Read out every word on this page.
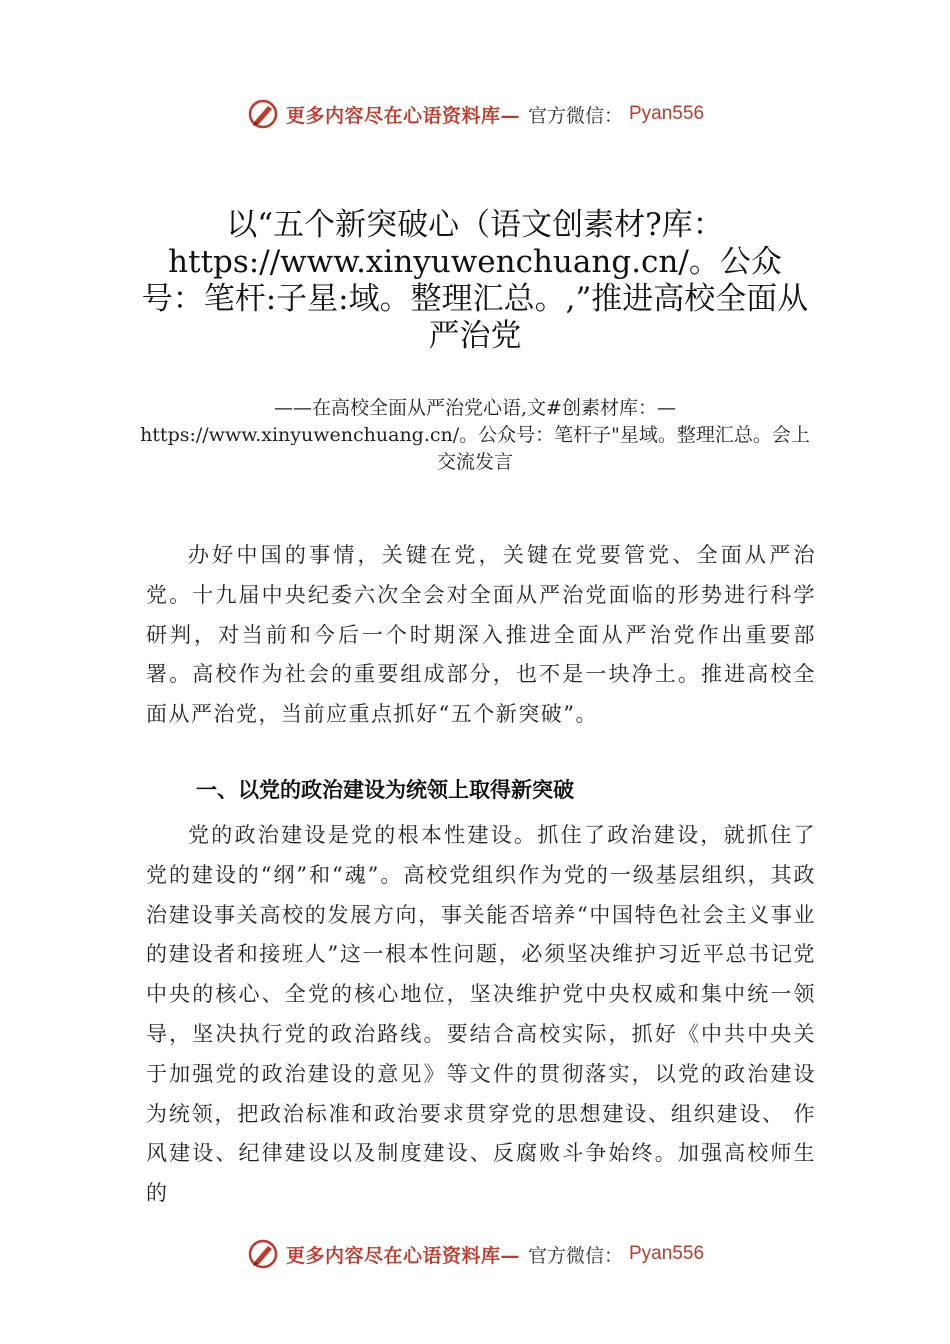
更多内容尽在心语资料库— 官方微信： Pyan556
以“五个新突破心（语文创素材?库：https://www.xinyuwenchuang.cn/。公众号：笔杆:子星:域。整理汇总。,”推进高校全面从严治党

——在高校全面从严治党心语,文#创素材库：—https://www.xinyuwenchuang.cn/。公众号：笔杆子"星域。整理汇总。会上交流发言

办好中国的事情，关键在党，关键在党要管党、全面从严治党。十九届中央纪委六次全会对全面从严治党面临的形势进行科学研判，对当前和今后一个时期深入推进全面从严治党作出重要部署。高校作为社会的重要组成部分，也不是一块净土。推进高校全面从严治党，当前应重点抓好“五个新突破”。

一、以党的政治建设为统领上取得新突破

党的政治建设是党的根本性建设。抓住了政治建设，就抓住了党的建设的“纲”和“魂”。高校党组织作为党的一级基层组织，其政治建设事关高校的发展方向，事关能否培养“中国特色社会主义事业的建设者和接班人”这一根本性问题，必须坚决维护习近平总书记党中央的核心、全党的核心地位，坚决维护党中央权威和集中统一领导，坚决执行党的政治路线。要结合高校实际，抓好《中共中央关于加强党的政治建设的意见》等文件的贯彻落实，以党的政治建设为统领，把政治标准和政治要求贯穿党的思想建设、组织建设、 作风建设、纪律建设以及制度建设、反腐败斗争始终。加强高校师生的

更多内容尽在心语资料库— 官方微信： Pyan556
